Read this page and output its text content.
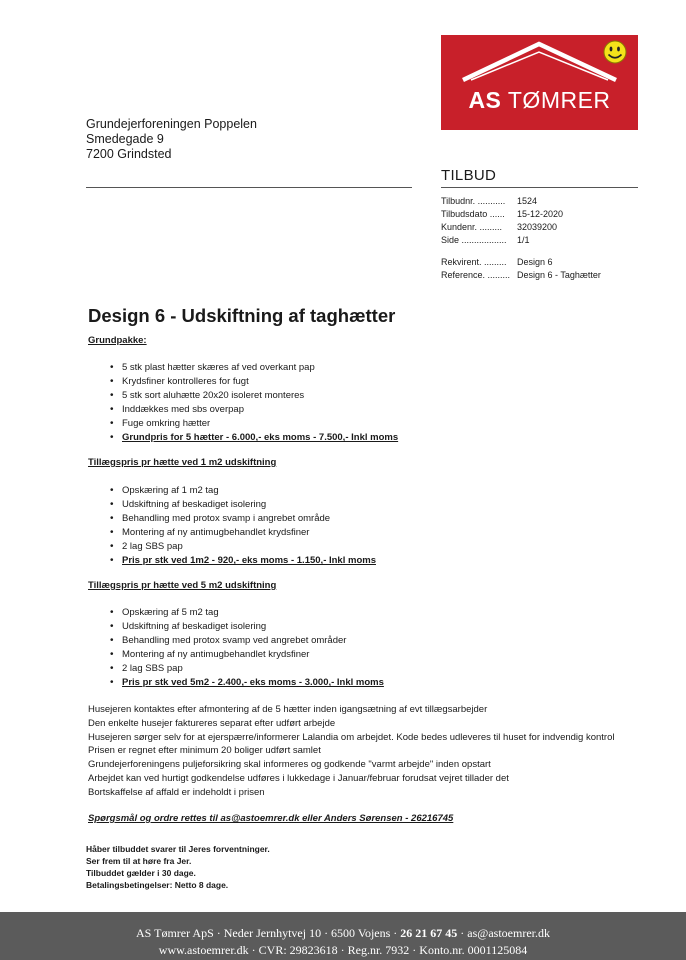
AS TØMRER
Grundejerforeningen Poppelen
Smedegade 9
7200 Grindsted
TILBUD
Tilbudnr. ........... 1524
Tilbudsdato ...... 15-12-2020
Kundenr. ......... 32039200
Side .................. 1/1
Rekvirent. ......... Design 6
Reference. ......... Design 6 - Taghætter
Design 6 - Udskiftning af taghætter
Grundpakke:
• 5 stk plast hætter skæres af ved overkant pap
• Krydsfiner kontrolleres for fugt
• 5 stk sort aluhætte 20x20 isoleret monteres
• Inddækkes med sbs overpap
• Fuge omkring hætter
• Grundpris for 5 hætter - 6.000,- eks moms - 7.500,- Inkl moms
Tillægspris pr hætte ved 1 m2 udskiftning
• Opskæring af 1 m2 tag
• Udskiftning af beskadiget isolering
• Behandling med protox svamp i angrebet område
• Montering af ny antimugbehandlet krydsfiner
• 2 lag SBS pap
• Pris pr stk ved 1m2 - 920,- eks moms - 1.150,- Inkl moms
Tillægspris pr hætte ved 5 m2 udskiftning
• Opskæring af 5 m2 tag
• Udskiftning af beskadiget isolering
• Behandling med protox svamp ved angrebet områder
• Montering af ny antimugbehandlet krydsfiner
• 2 lag SBS pap
• Pris pr stk ved 5m2 - 2.400,- eks moms - 3.000,- Inkl moms
Husejeren kontaktes efter afmontering af de 5 hætter inden igangsætning af evt tillægsarbejder
Den enkelte husejer faktureres separat efter udført arbejde
Husejeren sørger selv for at ejerspærre/informerer Lalandia om arbejdet. Kode bedes udleveres til huset for indvendig kontrol
Prisen er regnet efter minimum 20 boliger udført samlet
Grundejerforeningens puljeforsikring skal informeres og godkende "varmt arbejde" inden opstart
Arbejdet kan ved hurtigt godkendelse udføres i lukkedage i Januar/februar forudsat vejret tillader det
Bortskaffelse af affald er indeholdt i prisen
Spørgsmål og ordre rettes til as@astoemrer.dk eller Anders Sørensen - 26216745
Håber tilbuddet svarer til Jeres forventninger.
Ser frem til at høre fra Jer.
Tilbuddet gælder i 30 dage.
Betalingsbetingelser: Netto 8 dage.
AS Tømrer ApS · Neder Jernhytvej 10 · 6500 Vojens · 26 21 67 45 · as@astoemrer.dk
www.astoemrer.dk · CVR: 29823618 · Reg.nr. 7932 · Konto.nr. 0001125084
